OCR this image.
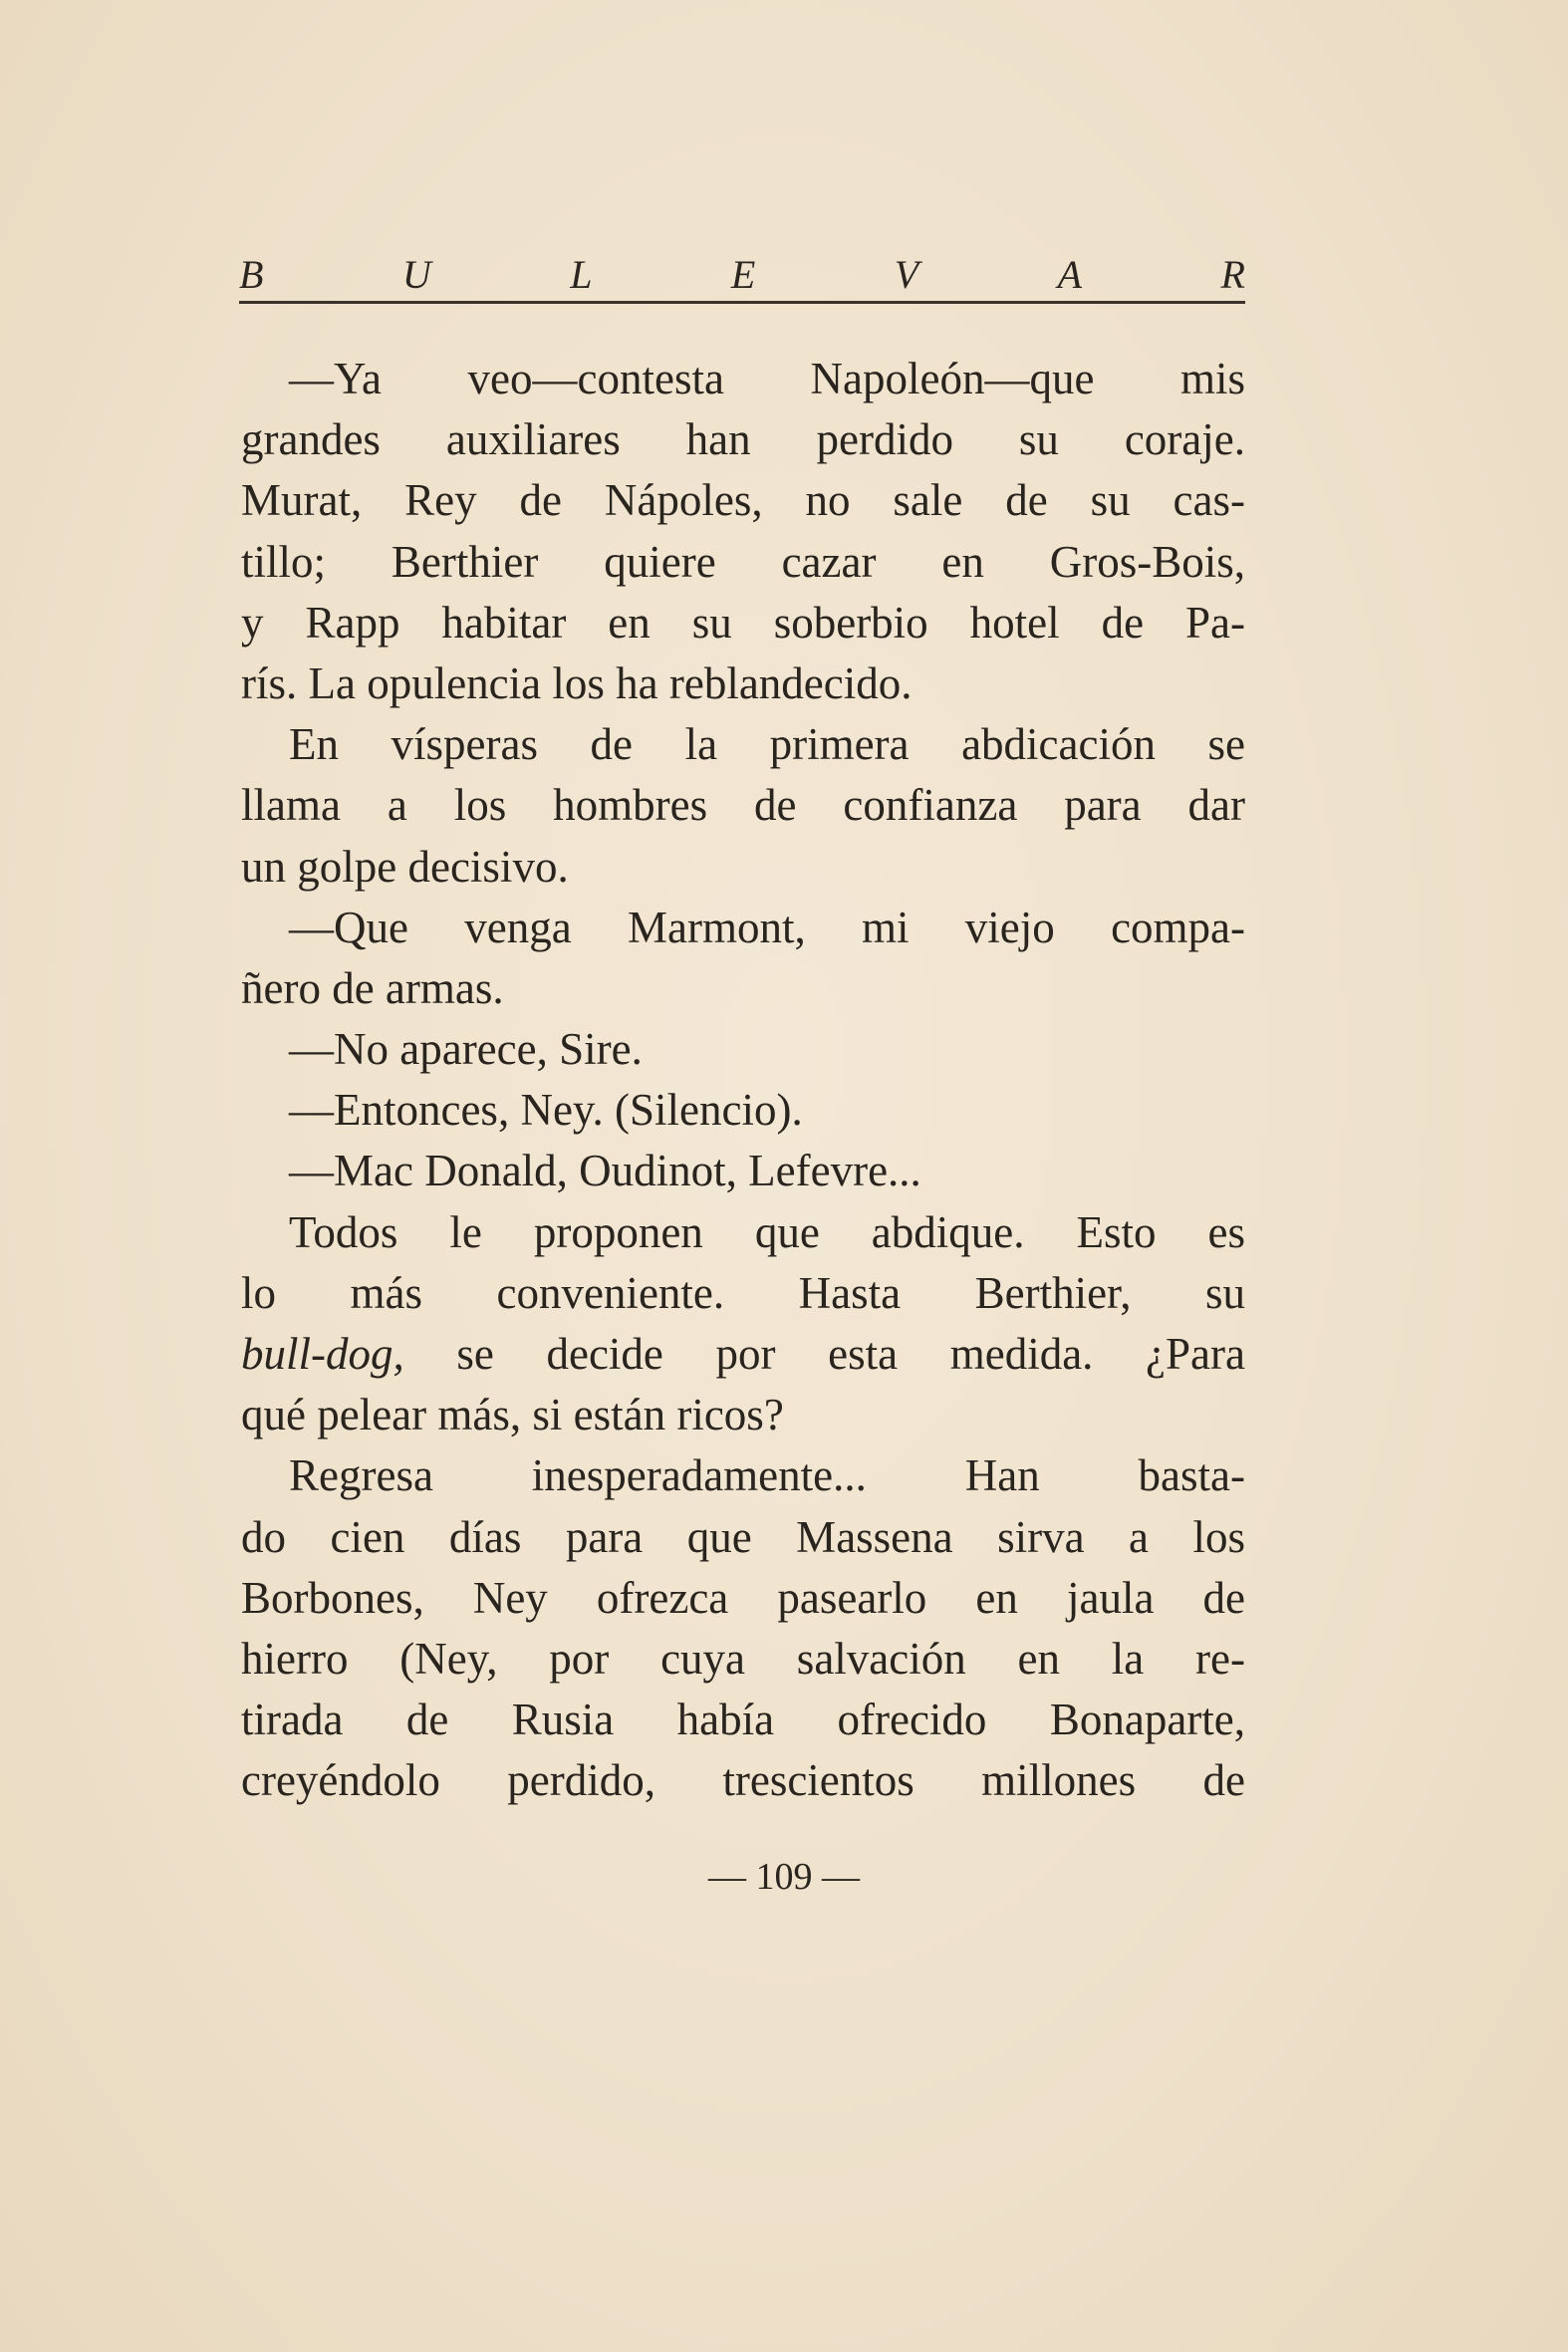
B	U	L	E	V	A	R
—Ya veo—contesta Napoleón—que mis
grandes auxiliares han perdido su coraje.
Murat, Rey de Nápoles, no sale de su cas-
tillo; Berthier quiere cazar en Gros-Bois,
y Rapp habitar en su soberbio hotel de Pa-
rís. La opulencia los ha reblandecido.
En vísperas de la primera abdicación se
llama a los hombres de confianza para dar
un golpe decisivo.
—Que venga Marmont, mi viejo compa-
ñero de armas.
—No aparece, Sire.
—Entonces, Ney. (Silencio).
—Mac Donald, Oudinot, Lefevre...
Todos le proponen que abdique. Esto es
lo más conveniente. Hasta Berthier, su
bull-dog, se decide por esta medida. ¿Para
qué pelear más, si están ricos?
Regresa inesperadamente... Han basta-
do cien días para que Massena sirva a los
Borbones, Ney ofrezca pasearlo en jaula de
hierro (Ney, por cuya salvación en la re-
tirada de Rusia había ofrecido Bonaparte,
creyéndolo perdido, trescientos millones de
— 109 —
